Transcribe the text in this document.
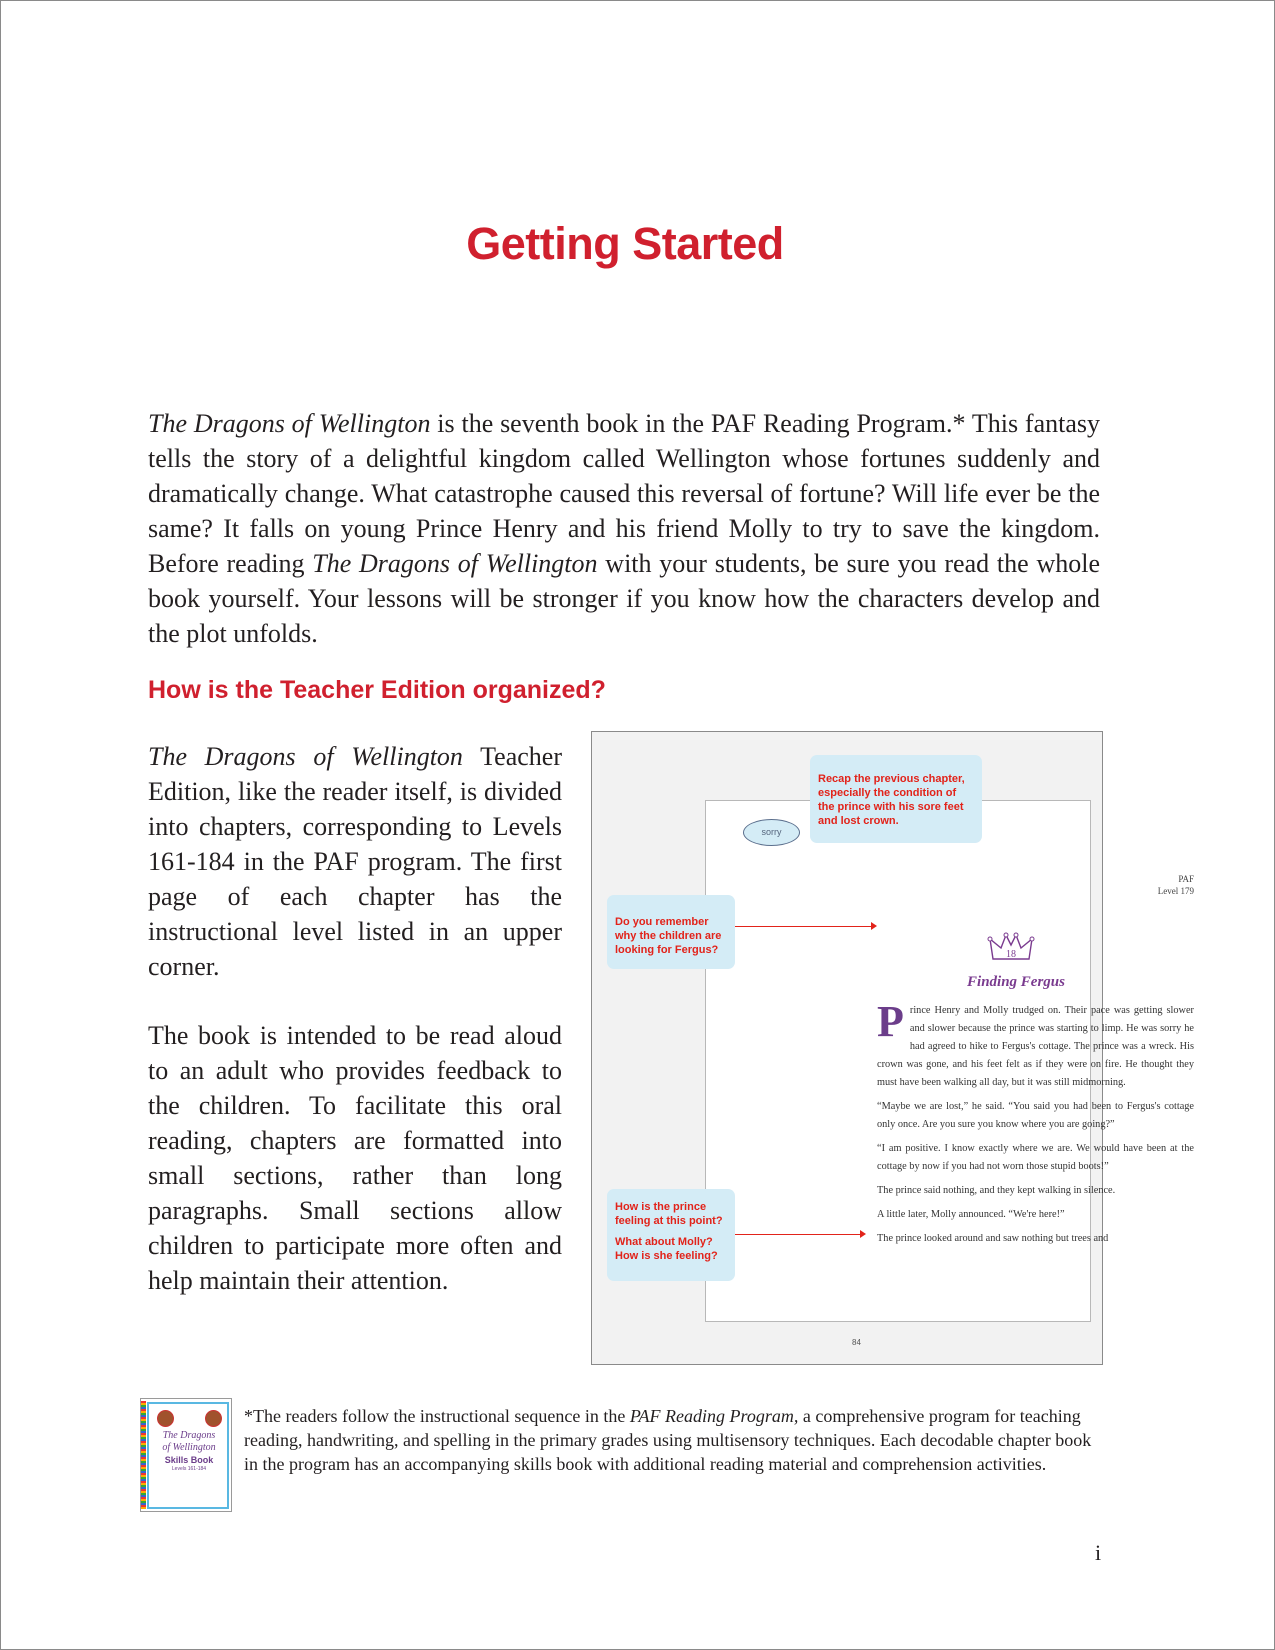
Getting Started
The Dragons of Wellington is the seventh book in the PAF Reading Program.* This fantasy tells the story of a delightful kingdom called Wellington whose fortunes suddenly and dramatically change. What catastrophe caused this reversal of fortune? Will life ever be the same? It falls on young Prince Henry and his friend Molly to try to save the kingdom. Before reading The Dragons of Wellington with your students, be sure you read the whole book yourself. Your lessons will be stronger if you know how the characters develop and the plot unfolds.
How is the Teacher Edition organized?
The Dragons of Wellington Teacher Edition, like the reader itself, is divided into chapters, corresponding to Levels 161-184 in the PAF program. The first page of each chapter has the instructional level listed in an upper corner.
The book is intended to be read aloud to an adult who provides feedback to the children. To facilitate this oral reading, chapters are formatted into small sections, rather than long paragraphs. Small sections allow children to participate more often and help maintain their attention.
PAF
Level 179
18
Finding Fergus

Prince Henry and Molly trudged on. Their pace was getting slower and slower because the prince was starting to limp. He was sorry he had agreed to hike to Fergus's cottage. The prince was a wreck. His crown was gone, and his feet felt as if they were on fire. He thought they must have been walking all day, but it was still midmorning.

“Maybe we are lost,” he said. “You said you had been to Fergus's cottage only once. Are you sure you know where you are going?”

“I am positive. I know exactly where we are. We would have been at the cottage by now if you had not worn those stupid boots!”

The prince said nothing, and they kept walking in silence.

A little later, Molly announced. “We're here!”

The prince looked around and saw nothing but trees and

84
sorry
Recap the previous chapter, especially the condition of the prince with his sore feet and lost crown.
Do you remember why the children are looking for Fergus?
How is the prince feeling at this point?
What about Molly? How is she feeling?
The Dragons
of Wellington
Skills Book
Levels 161-184
*The readers follow the instructional sequence in the PAF Reading Program, a comprehensive program for teaching reading, handwriting, and spelling in the primary grades using multisensory techniques. Each decodable chapter book in the program has an accompanying skills book with additional reading material and comprehension activities.
i
